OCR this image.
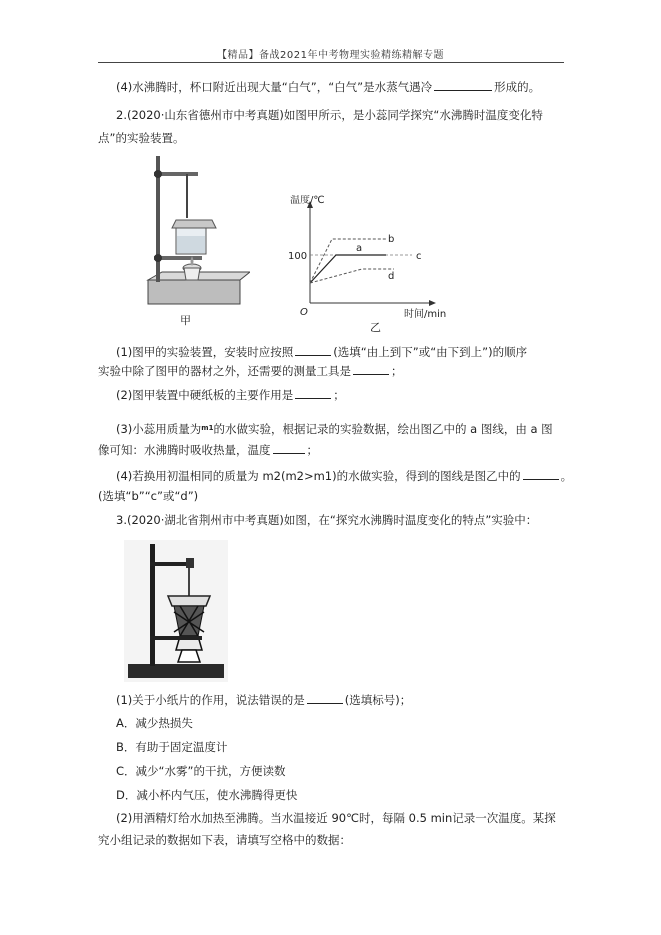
【精品】备战2021年中考物理实验精练精解专题
(4)水沸腾时，杯口附近出现大量“白气”，“白气”是水蒸气遇冷	形成的。
2.(2020·山东省德州市中考真题)如图甲所示，是小蕊同学探究“水沸腾时温度变化特
点”的实验装置。
甲
温度/℃
100
O	时间/min
a
b
c
d
乙
(1)图甲的实验装置，安装时应按照	(选填“由上到下”或“由下到上”)的顺序
实验中除了图甲的器材之外，还需要的测量工具是	；
(2)图甲装置中硬纸板的主要作用是	；
(3)小蕊用质量为$^{m1}$的水做实验，根据记录的实验数据，绘出图乙中的 a 图线，由 a 图
像可知：水沸腾时吸收热量，温度	；
(4)若换用初温相同的质量为 m2(m2>m1)的水做实验，得到的图线是图乙中的	。
(选填“b”“c”或“d”)
3.(2020·湖北省荆州市中考真题)如图，在“探究水沸腾时温度变化的特点”实验中：
(1)关于小纸片的作用，说法错误的是	(选填标号)；
A．减少热损失
B．有助于固定温度计
C．减少“水雾”的干扰，方便读数
D．减小杯内气压，使水沸腾得更快
(2)用酒精灯给水加热至沸腾。当水温接近 90℃时，每隔 0.5 min记录一次温度。某探
究小组记录的数据如下表，请填写空格中的数据：
